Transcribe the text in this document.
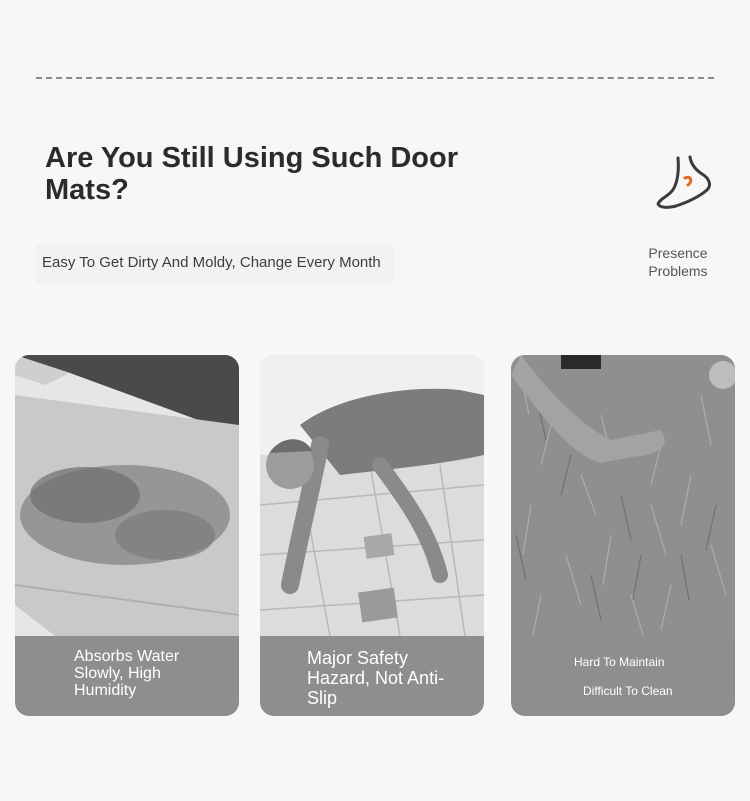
Are You Still Using Such Door Mats?
Easy To Get Dirty And Moldy, Change Every Month
Presence
Problems
Absorbs Water Slowly, High Humidity
Major Safety Hazard, Not Anti-Slip
Hard To Maintain
Difficult To Clean
